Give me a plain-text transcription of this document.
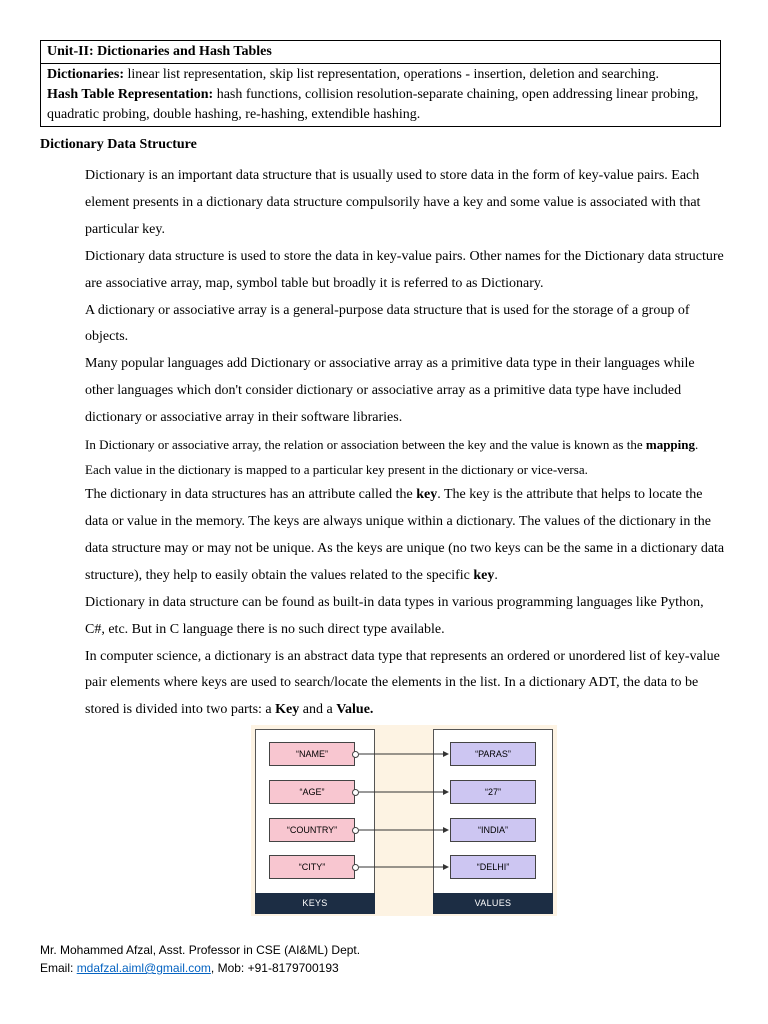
Unit-II: Dictionaries and Hash Tables
Dictionaries: linear list representation, skip list representation, operations - insertion, deletion and searching.
Hash Table Representation: hash functions, collision resolution-separate chaining, open addressing linear probing, quadratic probing, double hashing, re-hashing, extendible hashing.
Dictionary Data Structure

Dictionary is an important data structure that is usually used to store data in the form of key-value pairs. Each element presents in a dictionary data structure compulsorily have a key and some value is associated with that particular key.

Dictionary data structure is used to store the data in key-value pairs. Other names for the Dictionary data structure are associative array, map, symbol table but broadly it is referred to as Dictionary.

A dictionary or associative array is a general-purpose data structure that is used for the storage of a group of objects.

Many popular languages add Dictionary or associative array as a primitive data type in their languages while other languages which don't consider dictionary or associative array as a primitive data type have included dictionary or associative array in their software libraries.

In Dictionary or associative array, the relation or association between the key and the value is known as the mapping. Each value in the dictionary is mapped to a particular key present in the dictionary or vice-versa.

The dictionary in data structures has an attribute called the key. The key is the attribute that helps to locate the data or value in the memory. The keys are always unique within a dictionary. The values of the dictionary in the data structure may or may not be unique. As the keys are unique (no two keys can be the same in a dictionary data structure), they help to easily obtain the values related to the specific key.

Dictionary in data structure can be found as built-in data types in various programming languages like Python, C#, etc. But in C language there is no such direct type available.

In computer science, a dictionary is an abstract data type that represents an ordered or unordered list of key-value pair elements where keys are used to search/locate the elements in the list. In a dictionary ADT, the data to be stored is divided into two parts: a Key and a Value.

“NAME”
“AGE”
“COUNTRY”
“CITY”
“PARAS”
“27”
“INDIA”
“DELHI”
KEYS	VALUES
Mr. Mohammed Afzal, Asst. Professor in CSE (AI&ML) Dept.
Email: mdafzal.aiml@gmail.com, Mob: +91-8179700193
